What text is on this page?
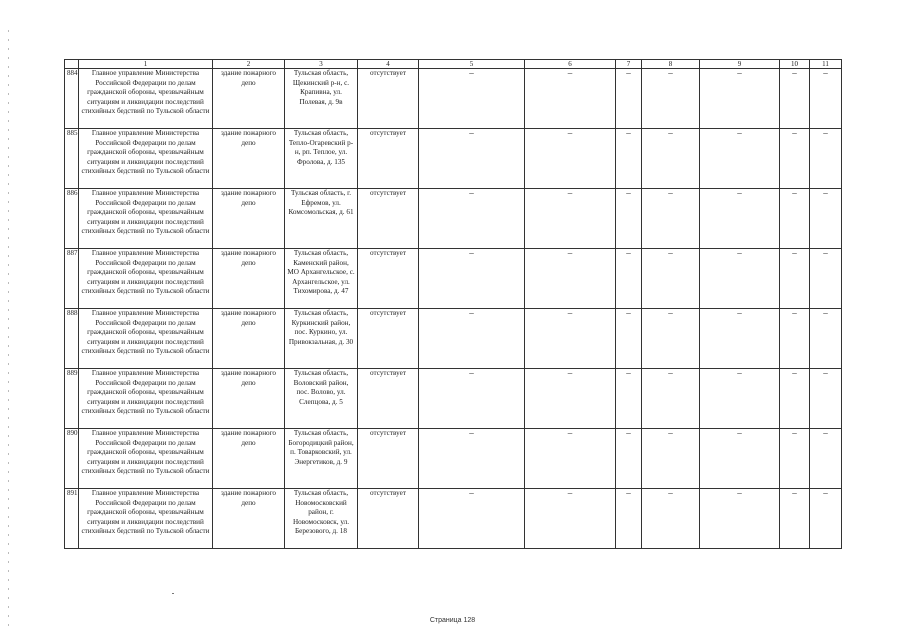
	1	2	3	4	5	6	7	8	9	10	11
884	Главное управление Министерства Российской Федерации по делам гражданской обороны, чрезвычайным ситуациям и ликвидации последствий стихийных бедствий по Тульской области	здание пожарного депо	Тульская область, Щекинский р-н, с. Крапивна, ул. Полевая, д. 9в	отсутствует	–	–	–	–	–	–	–
885	Главное управление Министерства Российской Федерации по делам гражданской обороны, чрезвычайным ситуациям и ликвидации последствий стихийных бедствий по Тульской области	здание пожарного депо	Тульская область, Тепло-Огаревский р-н, рп. Теплое, ул. Фролова, д. 135	отсутствует	–	–	–	–	–	–	–
886	Главное управление Министерства Российской Федерации по делам гражданской обороны, чрезвычайным ситуациям и ликвидации последствий стихийных бедствий по Тульской области	здание пожарного депо	Тульская область, г. Ефремов, ул. Комсомольская, д. 61	отсутствует	–	–	–	–	–	–	–
887	Главное управление Министерства Российской Федерации по делам гражданской обороны, чрезвычайным ситуациям и ликвидации последствий стихийных бедствий по Тульской области	здание пожарного депо	Тульская область, Каменский район, МО Архангельское, с. Архангельское, ул. Тихомирова, д. 47	отсутствует	–	–	–	–	–	–	–
888	Главное управление Министерства Российской Федерации по делам гражданской обороны, чрезвычайным ситуациям и ликвидации последствий стихийных бедствий по Тульской области	здание пожарного депо	Тульская область, Куркинский район, пос. Куркино, ул. Привокзальная, д. 30	отсутствует	–	–	–	–	–	–	–
889	Главное управление Министерства Российской Федерации по делам гражданской обороны, чрезвычайным ситуациям и ликвидации последствий стихийных бедствий по Тульской области	здание пожарного депо	Тульская область, Воловский район, пос. Волово, ул. Слепцова, д. 5	отсутствует	–	–	–	–	–	–	–
890	Главное управление Министерства Российской Федерации по делам гражданской обороны, чрезвычайным ситуациям и ликвидации последствий стихийных бедствий по Тульской области	здание пожарного депо	Тульская область, Богородицкий район, п. Товарковский, ул. Энергетиков, д. 9	отсутствует	–	–	–	–	–	–	–
891	Главное управление Министерства Российской Федерации по делам гражданской обороны, чрезвычайным ситуациям и ликвидации последствий стихийных бедствий по Тульской области	здание пожарного депо	Тульская область, Новомосковский район, г. Новомосковск, ул. Березового, д. 18	отсутствует	–	–	–	–	–	–	–
Страница 128
